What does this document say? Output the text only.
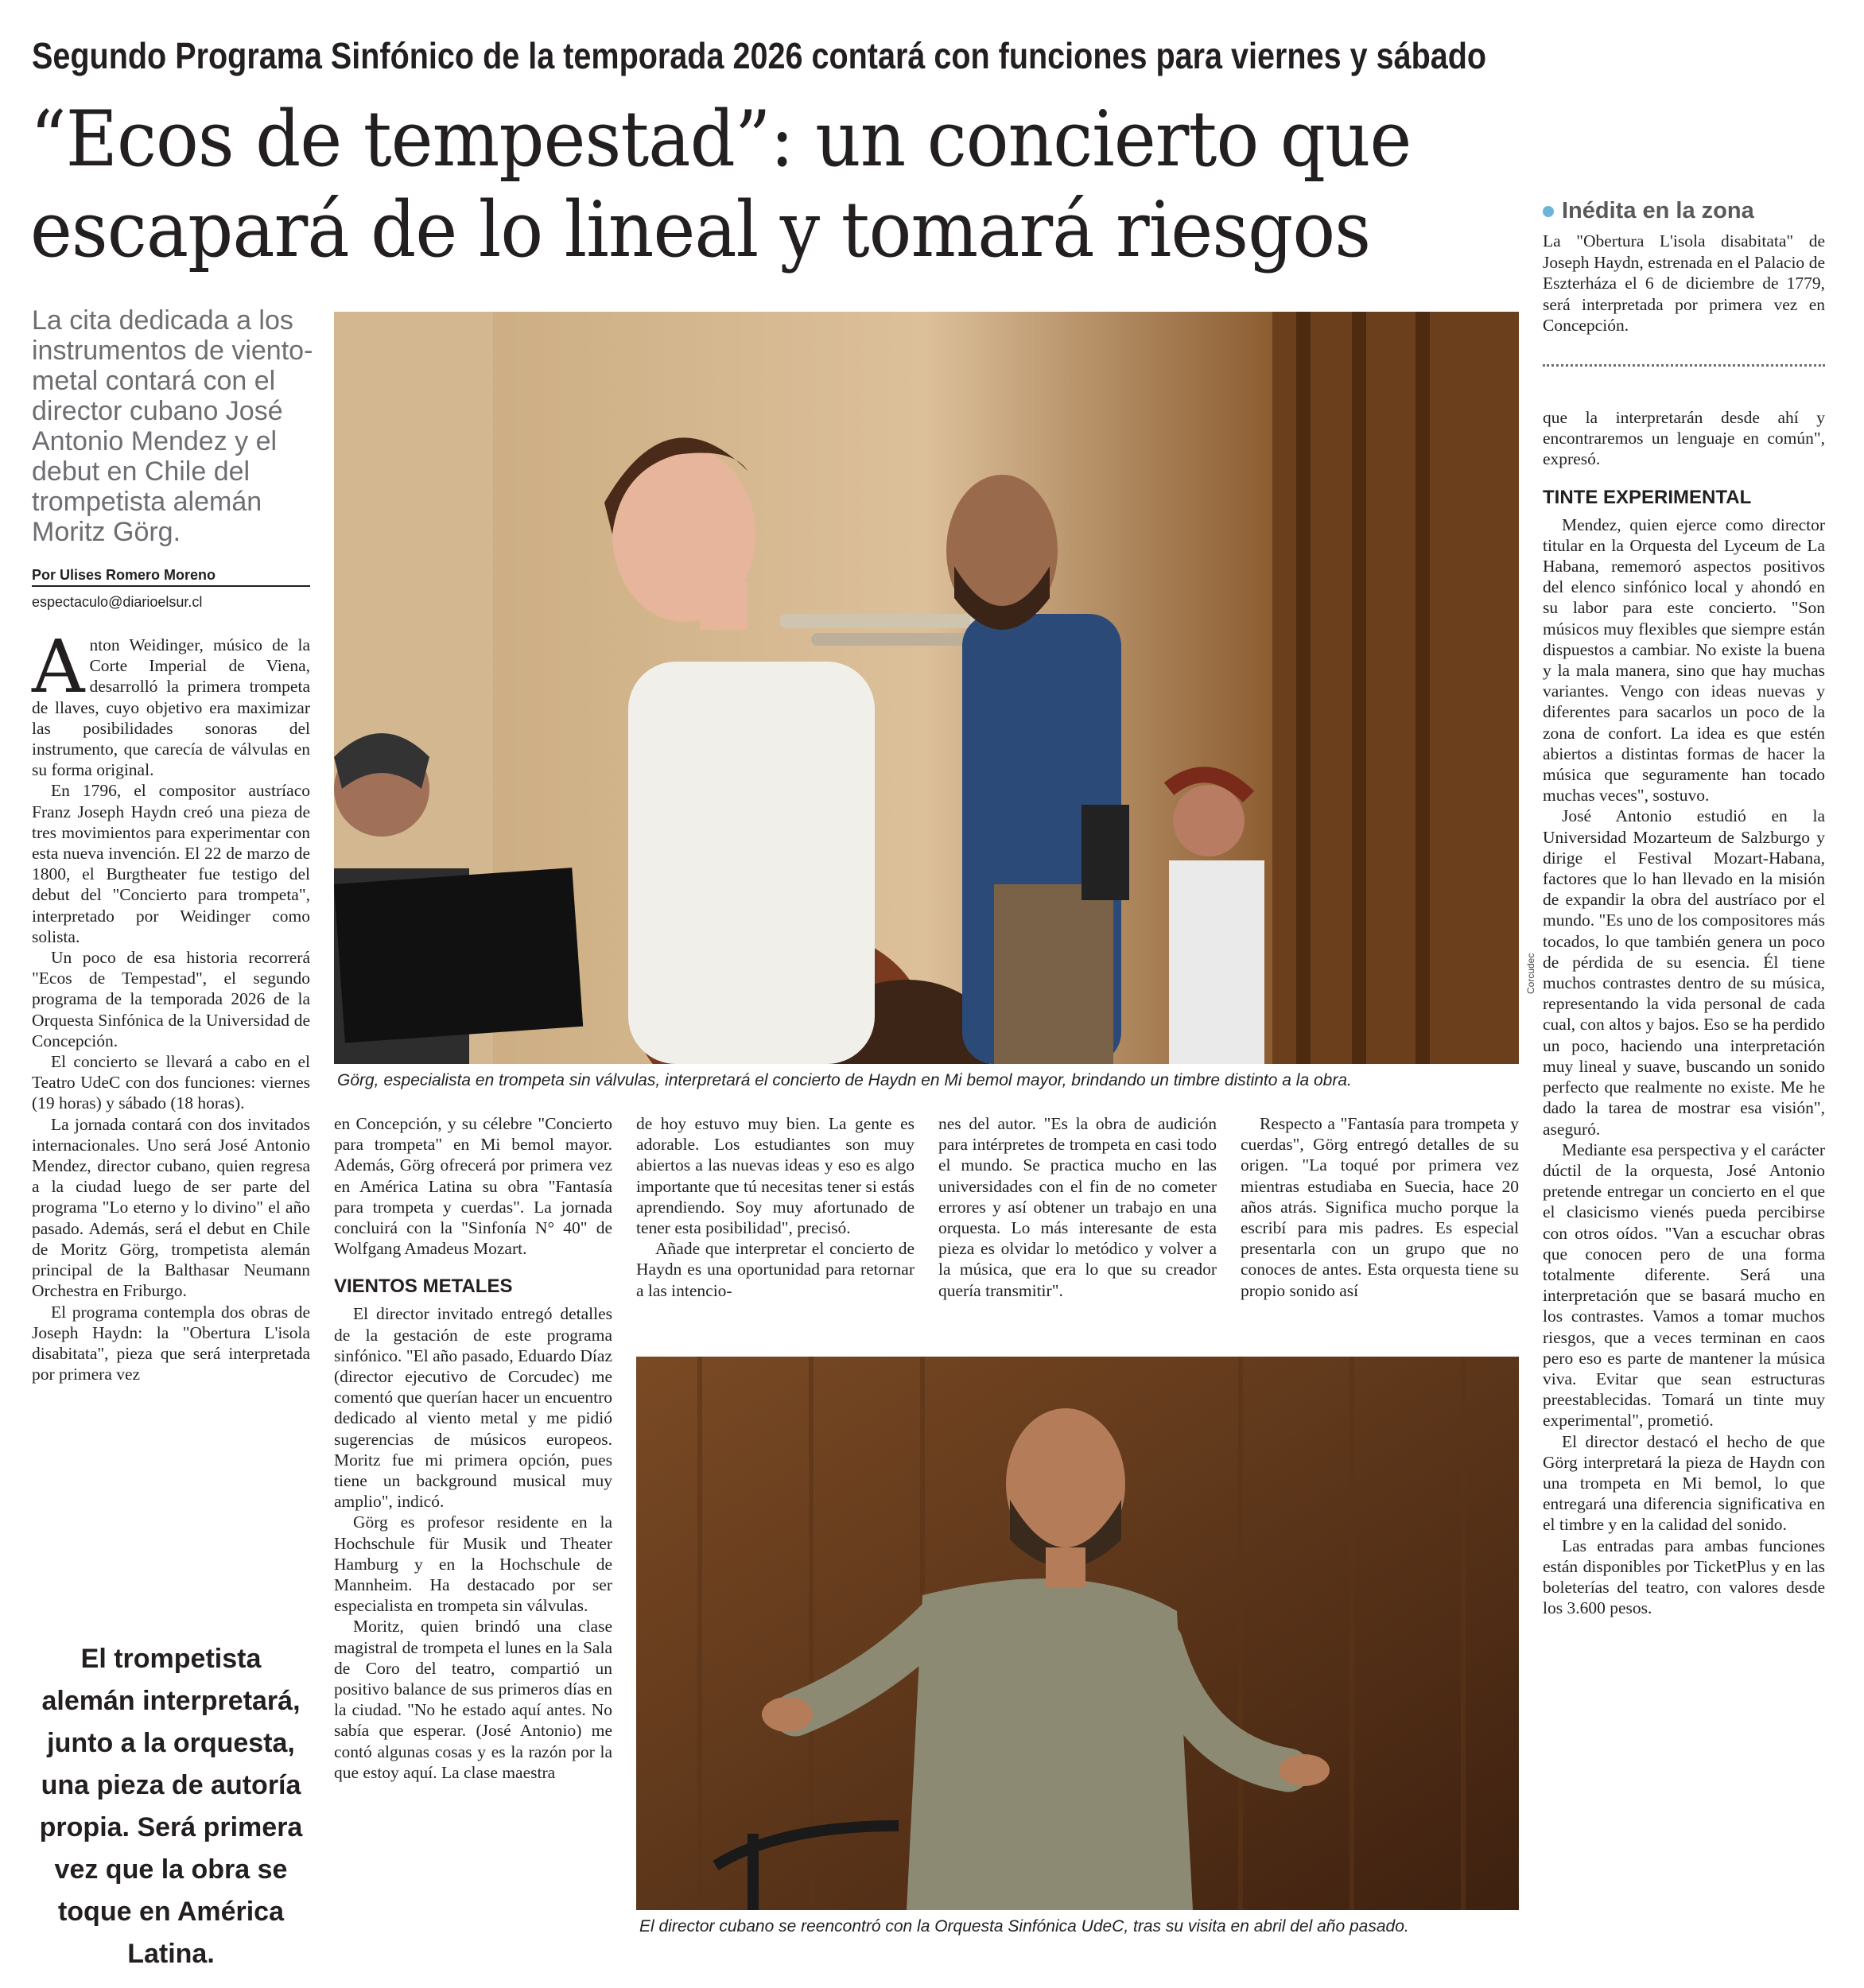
Segundo Programa Sinfónico de la temporada 2026 contará con funciones para viernes y sábado
“Ecos de tempestad”: un concierto que
escapará de lo lineal y tomará riesgos
La cita dedicada a los instrumentos de viento-metal contará con el director cubano José Antonio Mendez y el debut en Chile del trompetista alemán Moritz Görg.
Por Ulises Romero Moreno
espectaculo@diarioelsur.cl
Inédita en la zona
La "Obertura L'isola disabitata" de Joseph Haydn, estrenada en el Palacio de Eszterháza el 6 de diciembre de 1779, será interpretada por primera vez en Concepción.
Corcudec
Görg, especialista en trompeta sin válvulas, interpretará el concierto de Haydn en Mi bemol mayor, brindando un timbre distinto a la obra.
El director cubano se reencontró con la Orquesta Sinfónica UdeC, tras su visita en abril del año pasado.
El trompetista alemán interpretará, junto a la orquesta, una pieza de autoría propia. Será primera vez que la obra se toque en América Latina.

Anton Weidinger, músico de la Corte Imperial de Viena, desarrolló la primera trompeta de llaves, cuyo objetivo era maximizar las posibilidades sonoras del instrumento, que carecía de válvulas en su forma original.

En 1796, el compositor austríaco Franz Joseph Haydn creó una pieza de tres movimientos para experimentar con esta nueva invención. El 22 de marzo de 1800, el Burgtheater fue testigo del debut del "Concierto para trompeta", interpretado por Weidinger como solista.

Un poco de esa historia recorrerá "Ecos de Tempestad", el segundo programa de la temporada 2026 de la Orquesta Sinfónica de la Universidad de Concepción.

El concierto se llevará a cabo en el Teatro UdeC con dos funciones: viernes (19 horas) y sábado (18 horas).

La jornada contará con dos invitados internacionales. Uno será José Antonio Mendez, director cubano, quien regresa a la ciudad luego de ser parte del programa "Lo eterno y lo divino" el año pasado. Además, será el debut en Chile de Moritz Görg, trompetista alemán principal de la Balthasar Neumann Orchestra en Friburgo.

El programa contempla dos obras de Joseph Haydn: la "Obertura L'isola disabitata", pieza que será interpretada por primera vez

en Concepción, y su célebre "Concierto para trompeta" en Mi bemol mayor. Además, Görg ofrecerá por primera vez en América Latina su obra "Fantasía para trompeta y cuerdas". La jornada concluirá con la "Sinfonía N° 40" de Wolfgang Amadeus Mozart.

VIENTOS METALES

El director invitado entregó detalles de la gestación de este programa sinfónico. "El año pasado, Eduardo Díaz (director ejecutivo de Corcudec) me comentó que querían hacer un encuentro dedicado al viento metal y me pidió sugerencias de músicos europeos. Moritz fue mi primera opción, pues tiene un background musical muy amplio", indicó.

Görg es profesor residente en la Hochschule für Musik und Theater Hamburg y en la Hochschule de Mannheim. Ha destacado por ser especialista en trompeta sin válvulas.

Moritz, quien brindó una clase magistral de trompeta el lunes en la Sala de Coro del teatro, compartió un positivo balance de sus primeros días en la ciudad. "No he estado aquí antes. No sabía que esperar. (José Antonio) me contó algunas cosas y es la razón por la que estoy aquí. La clase maestra

de hoy estuvo muy bien. La gente es adorable. Los estudiantes son muy abiertos a las nuevas ideas y eso es algo importante que tú necesitas tener si estás aprendiendo. Soy muy afortunado de tener esta posibilidad", precisó.

Añade que interpretar el concierto de Haydn es una oportunidad para retornar a las intencio-

nes del autor. "Es la obra de audición para intérpretes de trompeta en casi todo el mundo. Se practica mucho en las universidades con el fin de no cometer errores y así obtener un trabajo en una orquesta. Lo más interesante de esta pieza es olvidar lo metódico y volver a la música, que era lo que su creador quería transmitir".

Respecto a "Fantasía para trompeta y cuerdas", Görg entregó detalles de su origen. "La toqué por primera vez mientras estudiaba en Suecia, hace 20 años atrás. Significa mucho porque la escribí para mis padres. Es especial presentarla con un grupo que no conoces de antes. Esta orquesta tiene su propio sonido así

que la interpretarán desde ahí y encontraremos un lenguaje en común", expresó.

TINTE EXPERIMENTAL

Mendez, quien ejerce como director titular en la Orquesta del Lyceum de La Habana, rememoró aspectos positivos del elenco sinfónico local y ahondó en su labor para este concierto. "Son músicos muy flexibles que siempre están dispuestos a cambiar. No existe la buena y la mala manera, sino que hay muchas variantes. Vengo con ideas nuevas y diferentes para sacarlos un poco de la zona de confort. La idea es que estén abiertos a distintas formas de hacer la música que seguramente han tocado muchas veces", sostuvo.

José Antonio estudió en la Universidad Mozarteum de Salzburgo y dirige el Festival Mozart-Habana, factores que lo han llevado en la misión de expandir la obra del austríaco por el mundo. "Es uno de los compositores más tocados, lo que también genera un poco de pérdida de su esencia. Él tiene muchos contrastes dentro de su música, representando la vida personal de cada cual, con altos y bajos. Eso se ha perdido un poco, haciendo una interpretación muy lineal y suave, buscando un sonido perfecto que realmente no existe. Me he dado la tarea de mostrar esa visión", aseguró.

Mediante esa perspectiva y el carácter dúctil de la orquesta, José Antonio pretende entregar un concierto en el que el clasicismo vienés pueda percibirse con otros oídos. "Van a escuchar obras que conocen pero de una forma totalmente diferente. Será una interpretación que se basará mucho en los contrastes. Vamos a tomar muchos riesgos, que a veces terminan en caos pero eso es parte de mantener la música viva. Evitar que sean estructuras preestablecidas. Tomará un tinte muy experimental", prometió.

El director destacó el hecho de que Görg interpretará la pieza de Haydn con una trompeta en Mi bemol, lo que entregará una diferencia significativa en el timbre y en la calidad del sonido.

Las entradas para ambas funciones están disponibles por TicketPlus y en las boleterías del teatro, con valores desde los 3.600 pesos.
